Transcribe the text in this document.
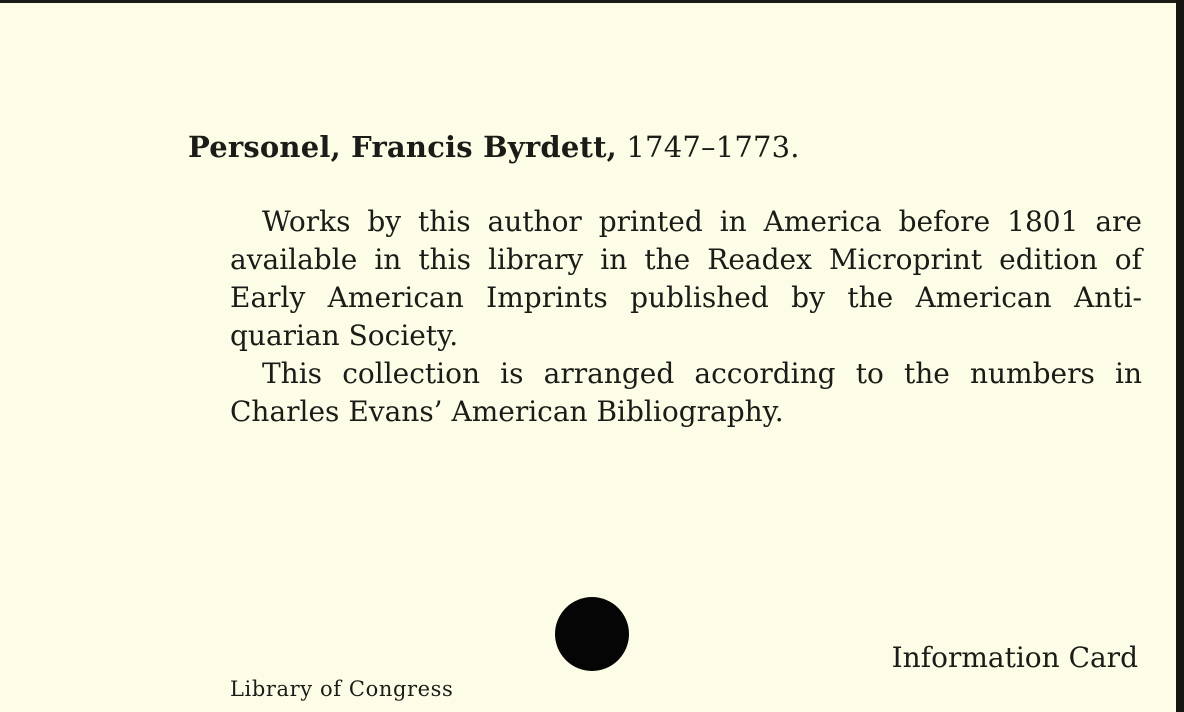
Personel, Francis Byrdett, 1747–1773.

Works by this author printed in America before 1801 are available in this library in the Readex Microprint edition of Early American Imprints published by the American Antiquarian Society.

This collection is arranged according to the numbers in Charles Evans’ American Bibliography.

Library of Congress
Information Card
